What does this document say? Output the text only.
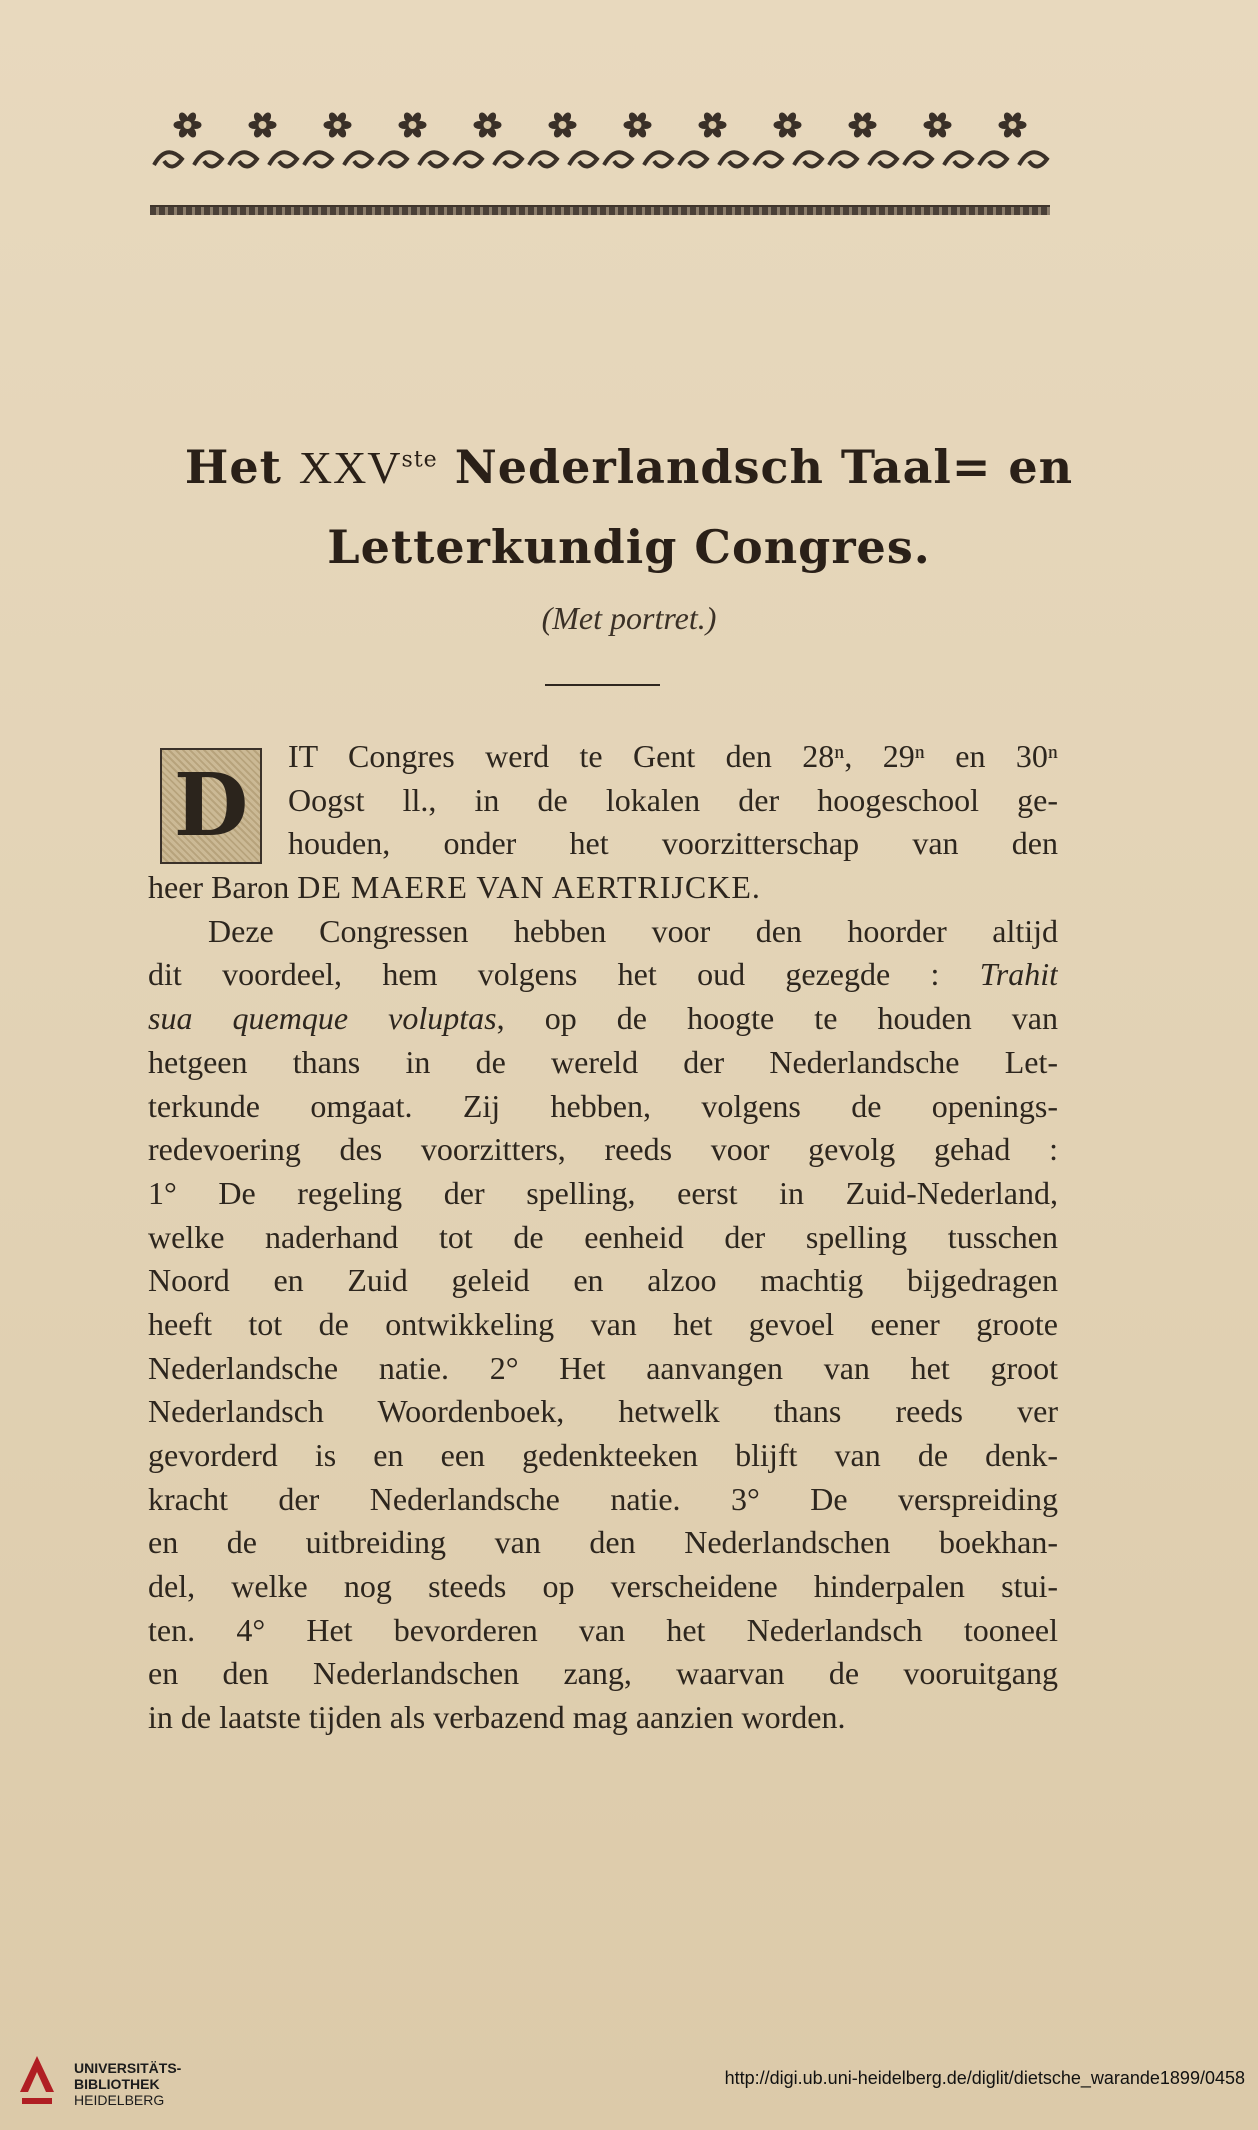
Het XXVste Nederlandsch Taal= en
Letterkundig Congres.
(Met portret.)
D	IT Congres werd te Gent den 28ⁿ, 29ⁿ en 30ⁿ
Oogst ll., in de lokalen der hoogeschool ge-
houden, onder het voorzitterschap van den
heer Baron DE MAERE VAN AERTRIJCKE.
Deze Congressen hebben voor den hoorder altijd
dit voordeel, hem volgens het oud gezegde : Trahit
sua quemque voluptas, op de hoogte te houden van
hetgeen thans in de wereld der Nederlandsche Let-
terkunde omgaat. Zij hebben, volgens de openings-
redevoering des voorzitters, reeds voor gevolg gehad :
1° De regeling der spelling, eerst in Zuid-Nederland,
welke naderhand tot de eenheid der spelling tusschen
Noord en Zuid geleid en alzoo machtig bijgedragen
heeft tot de ontwikkeling van het gevoel eener groote
Nederlandsche natie. 2° Het aanvangen van het groot
Nederlandsch Woordenboek, hetwelk thans reeds ver
gevorderd is en een gedenkteeken blijft van de denk-
kracht der Nederlandsche natie. 3° De verspreiding
en de uitbreiding van den Nederlandschen boekhan-
del, welke nog steeds op verscheidene hinderpalen stui-
ten. 4° Het bevorderen van het Nederlandsch tooneel
en den Nederlandschen zang, waarvan de vooruitgang
in de laatste tijden als verbazend mag aanzien worden.
UNIVERSITÄTS-
BIBLIOTHEK
HEIDELBERG
http://digi.ub.uni-heidelberg.de/diglit/dietsche_warande1899/0458
